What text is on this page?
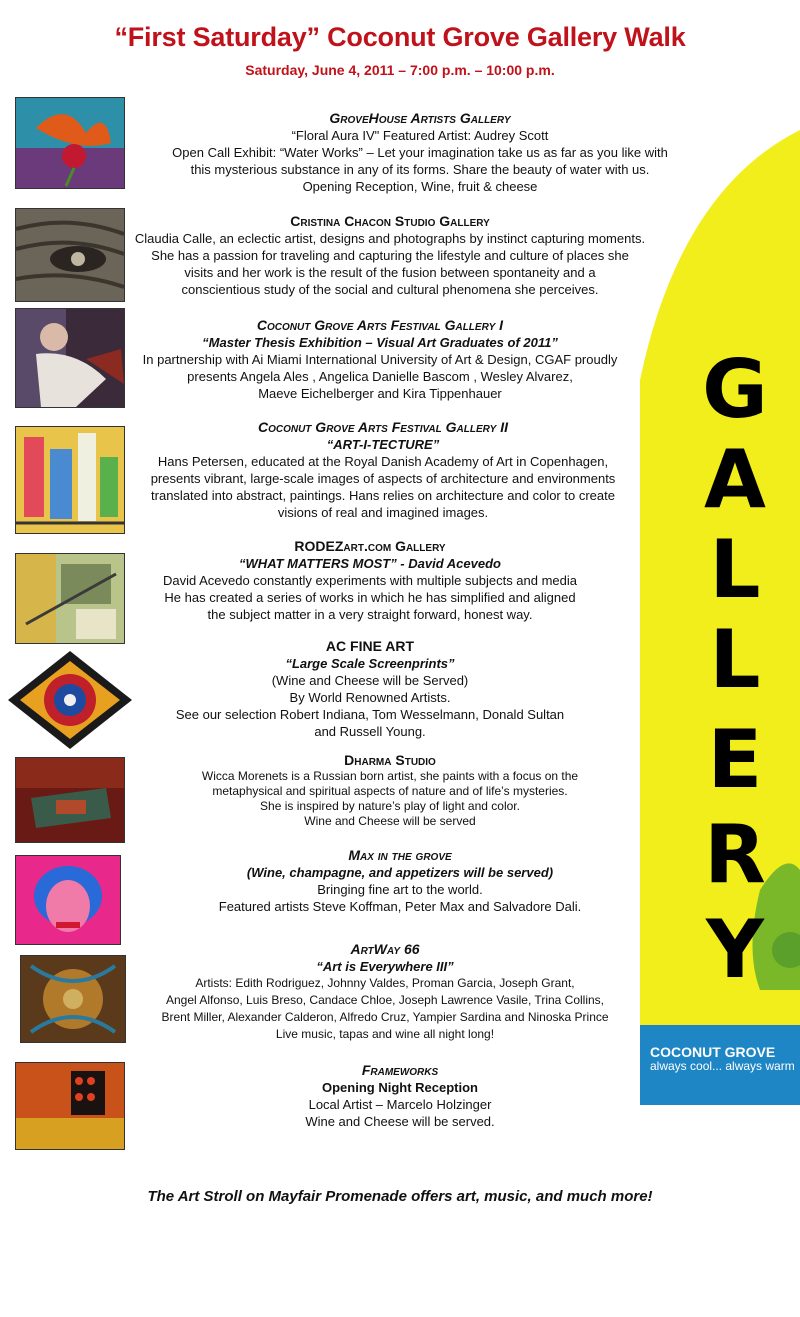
“First Saturday” Coconut Grove Gallery Walk
Saturday, June 4, 2011 – 7:00 p.m. – 10:00 p.m.
GroveHouse Artists Gallery
“Floral Aura IV" Featured Artist: Audrey Scott
Open Call Exhibit: “Water Works” – Let your imagination take us as far as you like with
this mysterious substance in any of its forms. Share the beauty of water with us.
Opening Reception, Wine, fruit & cheese
Cristina Chacon Studio Gallery
Claudia Calle, an eclectic artist, designs and photographs by instinct capturing moments.
She has a passion for traveling and capturing the lifestyle and culture of places she
visits and her work is the result of the fusion between spontaneity and a
conscientious study of the social and cultural phenomena she perceives.
Coconut Grove Arts Festival Gallery I
“Master Thesis Exhibition – Visual Art Graduates of 2011”
In partnership with Ai Miami International University of Art & Design, CGAF proudly
presents Angela Ales , Angelica Danielle Bascom , Wesley Alvarez,
Maeve Eichelberger and Kira Tippenhauer
Coconut Grove Arts Festival Gallery II
“ART-I-TECTURE”
Hans Petersen, educated at the Royal Danish Academy of Art in Copenhagen,
presents vibrant, large-scale images of aspects of architecture and environments
translated into abstract, paintings. Hans relies on architecture and color to create
visions of real and imagined images.
RODEZart.com Gallery
“WHAT MATTERS MOST” - David Acevedo
David Acevedo constantly experiments with multiple subjects and media
He has created a series of works in which he has simplified and aligned
the subject matter in a very straight forward, honest way.
AC FINE ART
“Large Scale Screenprints”
(Wine and Cheese will be Served)
By World Renowned Artists.
See our selection Robert Indiana, Tom Wesselmann, Donald Sultan
and Russell Young.
Dharma Studio
Wicca Morenets is a Russian born artist, she paints with a focus on the
metaphysical and spiritual aspects of nature and of life’s mysteries.
She is inspired by nature’s play of light and color.
Wine and Cheese will be served
Max in the grove
(Wine, champagne, and appetizers will be served)
Bringing fine art to the world.
Featured artists Steve Koffman, Peter Max and Salvadore Dali.
ArtWay 66
“Art is Everywhere III”
Artists: Edith Rodriguez, Johnny Valdes, Proman Garcia, Joseph Grant,
Angel Alfonso, Luis Breso, Candace Chloe, Joseph Lawrence Vasile, Trina Collins,
Brent Miller, Alexander Calderon, Alfredo Cruz, Yampier Sardina and Ninoska Prince
Live music, tapas and wine all night long!
Frameworks
Opening Night Reception
Local Artist – Marcelo Holzinger
Wine and Cheese will be served.
G
A
L
L
E
R
Y
COCONUT GROVE
always cool... always warm
The Art Stroll on Mayfair Promenade offers art, music, and much more!
